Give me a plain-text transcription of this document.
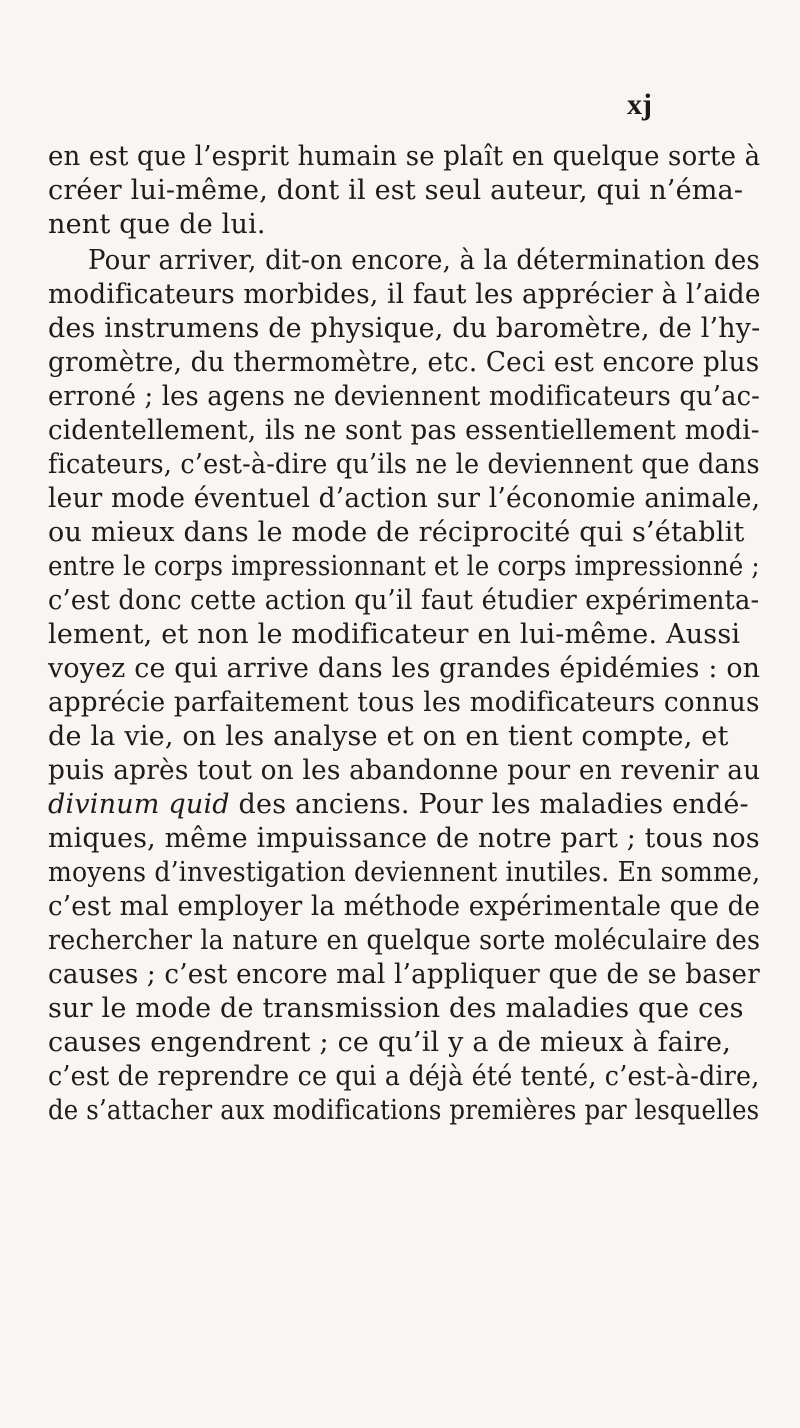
xj
en est que l’esprit humain se plaît en quelque sorte à
créer lui-même, dont il est seul auteur, qui n’éma-
nent que de lui.
Pour arriver, dit-on encore, à la détermination des
modificateurs morbides, il faut les apprécier à l’aide
des instrumens de physique, du baromètre, de l’hy-
gromètre, du thermomètre, etc. Ceci est encore plus
erroné ; les agens ne deviennent modificateurs qu’ac-
cidentellement, ils ne sont pas essentiellement modi-
ficateurs, c’est-à-dire qu’ils ne le deviennent que dans
leur mode éventuel d’action sur l’économie animale,
ou mieux dans le mode de réciprocité qui s’établit
entre le corps impressionnant et le corps impressionné ;
c’est donc cette action qu’il faut étudier expérimenta-
lement, et non le modificateur en lui-même. Aussi
voyez ce qui arrive dans les grandes épidémies : on
apprécie parfaitement tous les modificateurs connus
de la vie, on les analyse et on en tient compte, et
puis après tout on les abandonne pour en revenir au
divinum quid des anciens. Pour les maladies endé-
miques, même impuissance de notre part ; tous nos
moyens d’investigation deviennent inutiles. En somme,
c’est mal employer la méthode expérimentale que de
rechercher la nature en quelque sorte moléculaire des
causes ; c’est encore mal l’appliquer que de se baser
sur le mode de transmission des maladies que ces
causes engendrent ; ce qu’il y a de mieux à faire,
c’est de reprendre ce qui a déjà été tenté, c’est-à-dire,
de s’attacher aux modifications premières par lesquelles
